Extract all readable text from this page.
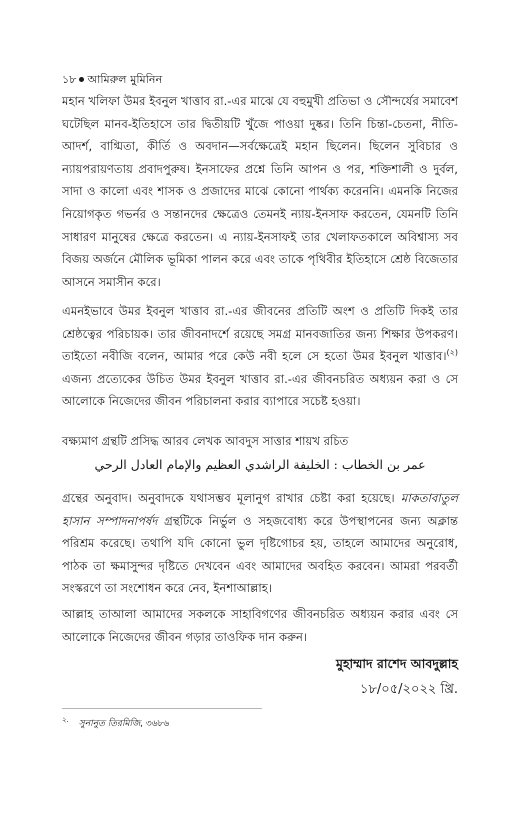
১৮ আমিরুল মুমিনিন
মহান খলিফা উমর ইবনুল খাত্তাব রা.-এর মাঝে যে বহুমুখী প্রতিভা ও সৌন্দর্যের সমাবেশ ঘটেছিল মানব-ইতিহাসে তার দ্বিতীয়টি খুঁজে পাওয়া দুষ্কর। তিনি চিন্তা-চেতনা, নীতি-আদর্শ, বাগ্মিতা, কীর্তি ও অবদান—সর্বক্ষেত্রেই মহান ছিলেন। ছিলেন সুবিচার ও ন্যায়পরায়ণতায় প্রবাদপুরুষ। ইনসাফের প্রশ্নে তিনি আপন ও পর, শক্তিশালী ও দুর্বল, সাদা ও কালো এবং শাসক ও প্রজাদের মাঝে কোনো পার্থক্য করেননি। এমনকি নিজের নিয়োগকৃত গভর্নর ও সন্তানদের ক্ষেত্রেও তেমনই ন্যায়-ইনসাফ করতেন, যেমনটি তিনি সাধারণ মানুষের ক্ষেত্রে করতেন। এ ন্যায়-ইনসাফই তার খেলাফতকালে অবিশ্বাস্য সব বিজয় অর্জনে মৌলিক ভূমিকা পালন করে এবং তাকে পৃথিবীর ইতিহাসে শ্রেষ্ঠ বিজেতার আসনে সমাসীন করে।
এমনইভাবে উমর ইবনুল খাত্তাব রা.-এর জীবনের প্রতিটি অংশ ও প্রতিটি দিকই তার শ্রেষ্ঠত্বের পরিচায়ক। তার জীবনাদর্শে রয়েছে সমগ্র মানবজাতির জন্য শিক্ষার উপকরণ। তাইতো নবীজি বলেন, আমার পরে কেউ নবী হলে সে হতো উমর ইবনুল খাত্তাব।$^{(২)}$ এজন্য প্রত্যেকের উচিত উমর ইবনুল খাত্তাব রা.-এর জীবনচরিত অধ্যয়ন করা ও সে আলোকে নিজেদের জীবন পরিচালনা করার ব্যাপারে সচেষ্ট হওয়া।
বক্ষ্যমাণ গ্রন্থটি প্রসিদ্ধ আরব লেখক আবদুস সাত্তার শায়খ রচিত
عمر بن الخطاب : الخليفة الراشدي العظيم والإمام العادل الرحي
গ্রন্থের অনুবাদ। অনুবাদকে যথাসম্ভব মূলানুগ রাখার চেষ্টা করা হয়েছে। মাকতাবাতুল হাসান সম্পাদনাপর্ষদ গ্রন্থটিকে নির্ভুল ও সহজবোধ্য করে উপস্থাপনের জন্য অক্লান্ত পরিশ্রম করেছে। তথাপি যদি কোনো ভুল দৃষ্টিগোচর হয়, তাহলে আমাদের অনুরোধ, পাঠক তা ক্ষমাসুন্দর দৃষ্টিতে দেখবেন এবং আমাদের অবহিত করবেন। আমরা পরবর্তী সংস্করণে তা সংশোধন করে নেব, ইনশাআল্লাহ।
আল্লাহ তাআলা আমাদের সকলকে সাহাবিগণের জীবনচরিত অধ্যয়ন করার এবং সে আলোকে নিজেদের জীবন গড়ার তাওফিক দান করুন।
মুহাম্মাদ রাশেদ আবদুল্লাহ
১৮/০৫/২০২২ খ্রি.
$^{২.}$ সুনানুত তিরমিজি, ৩৬৮৬
